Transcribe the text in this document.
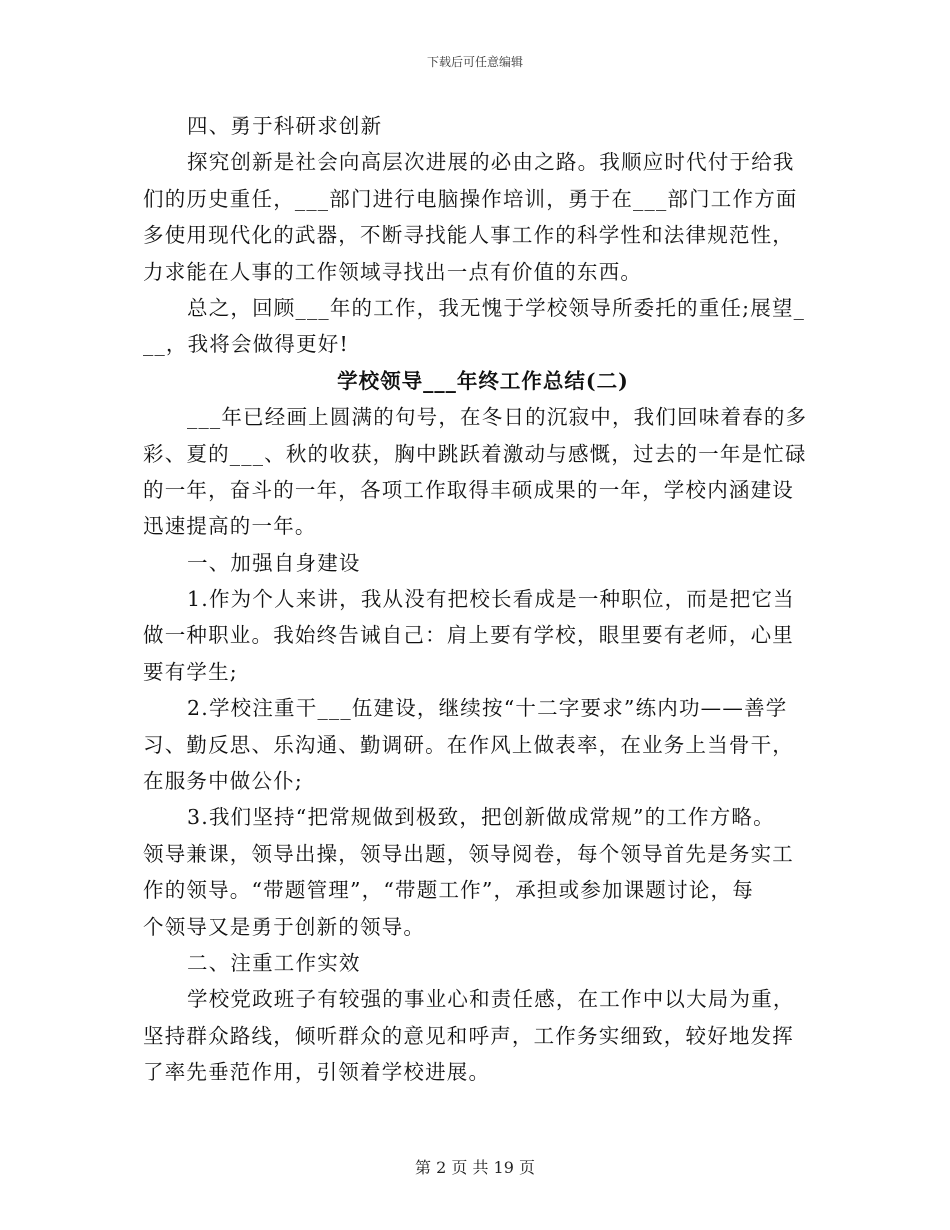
下载后可任意编辑
四、勇于科研求创新
探究创新是社会向高层次进展的必由之路。我顺应时代付于给我
们的历史重任，___部门进行电脑操作培训，勇于在___部门工作方面
多使用现代化的武器，不断寻找能人事工作的科学性和法律规范性，
力求能在人事的工作领域寻找出一点有价值的东西。
总之，回顾___年的工作，我无愧于学校领导所委托的重任;展望_
__，我将会做得更好!
学校领导___年终工作总结(二)
___年已经画上圆满的句号，在冬日的沉寂中，我们回味着春的多
彩、夏的___、秋的收获，胸中跳跃着激动与感慨，过去的一年是忙碌
的一年，奋斗的一年，各项工作取得丰硕成果的一年，学校内涵建设
迅速提高的一年。
一、加强自身建设
1.作为个人来讲，我从没有把校长看成是一种职位，而是把它当
做一种职业。我始终告诫自己：肩上要有学校，眼里要有老师，心里
要有学生;
2.学校注重干___伍建设，继续按“十二字要求”练内功——善学
习、勤反思、乐沟通、勤调研。在作风上做表率，在业务上当骨干，
在服务中做公仆;
3.我们坚持“把常规做到极致，把创新做成常规”的工作方略。
领导兼课，领导出操，领导出题，领导阅卷，每个领导首先是务实工
作的领导。“带题管理”，“带题工作”，承担或参加课题讨论，每
个领导又是勇于创新的领导。
二、注重工作实效
学校党政班子有较强的事业心和责任感，在工作中以大局为重，
坚持群众路线，倾听群众的意见和呼声，工作务实细致，较好地发挥
了率先垂范作用，引领着学校进展。
第 2 页 共 19 页
